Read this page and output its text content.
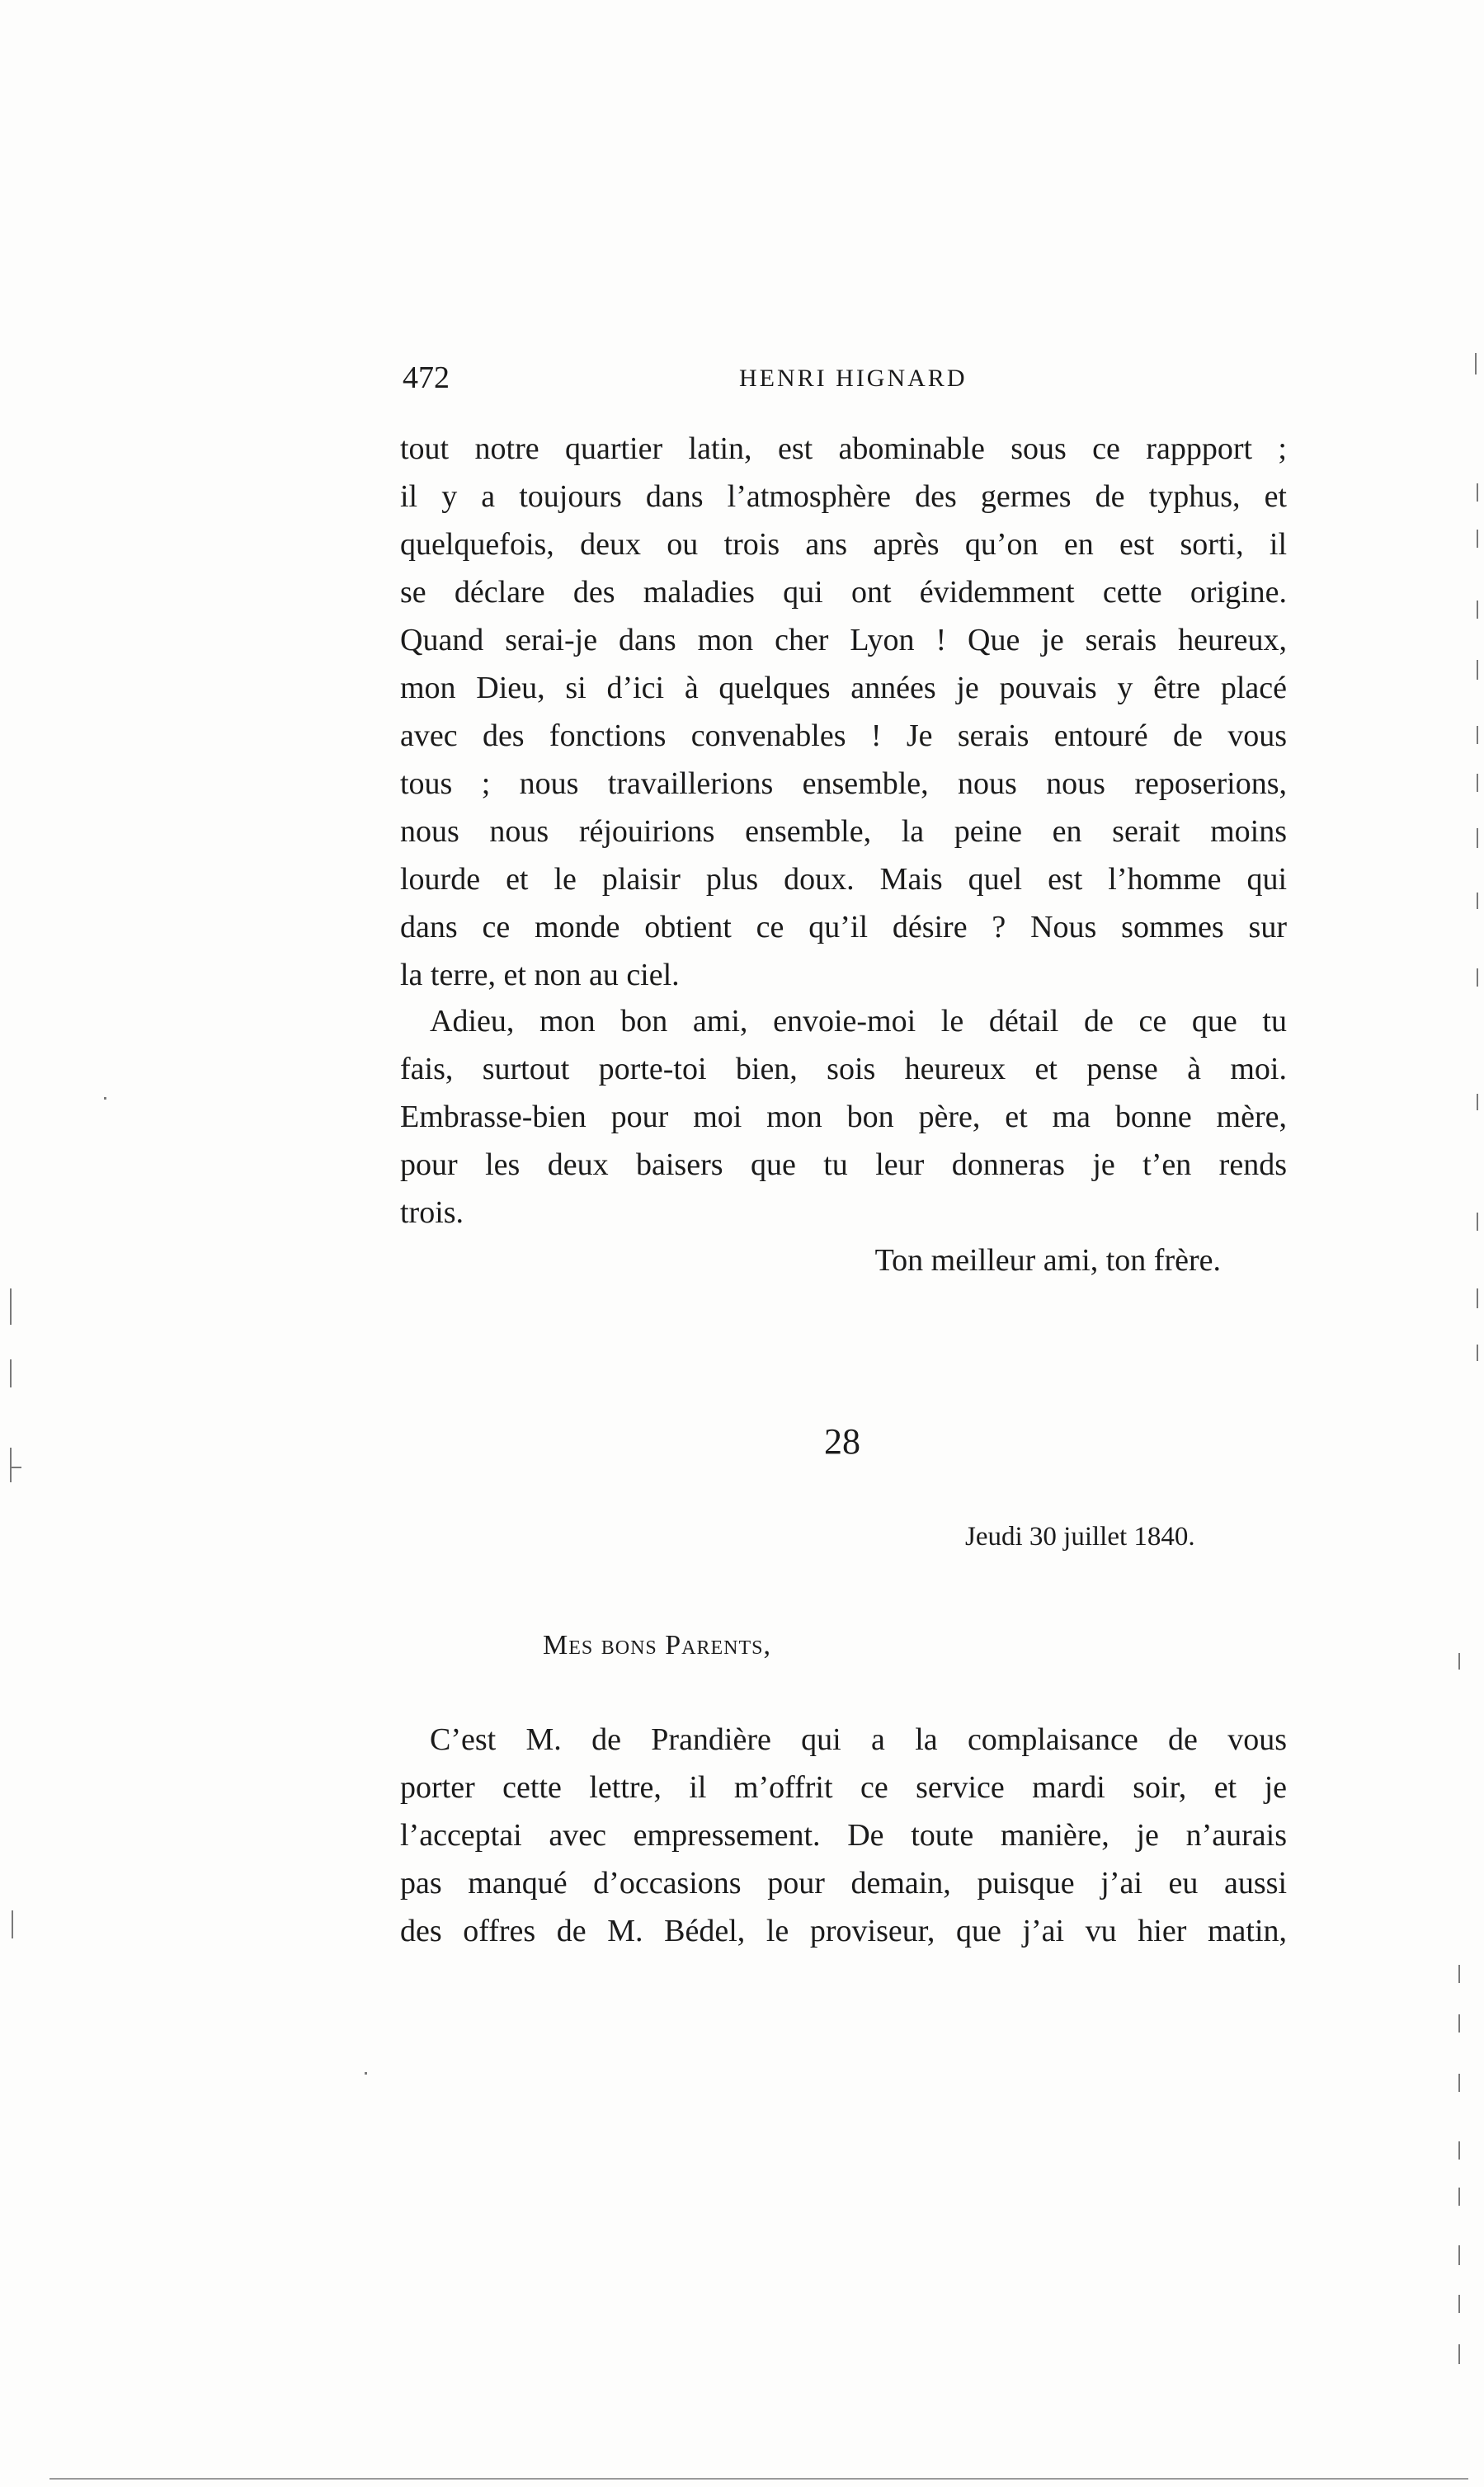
472	HENRI HIGNARD
tout notre quartier latin, est abominable sous ce rappport ;
il y a toujours dans l’atmosphère des germes de typhus, et
quelquefois, deux ou trois ans après qu’on en est sorti, il
se déclare des maladies qui ont évidemment cette origine.
Quand serai-je dans mon cher Lyon ! Que je serais heureux,
mon Dieu, si d’ici à quelques années je pouvais y être placé
avec des fonctions convenables ! Je serais entouré de vous
tous ; nous travaillerions ensemble, nous nous reposerions,
nous nous réjouirions ensemble, la peine en serait moins
lourde et le plaisir plus doux. Mais quel est l’homme qui
dans ce monde obtient ce qu’il désire ? Nous sommes sur
la terre, et non au ciel.
Adieu, mon bon ami, envoie-moi le détail de ce que tu
fais, surtout porte-toi bien, sois heureux et pense à moi.
Embrasse-bien pour moi mon bon père, et ma bonne mère,
pour les deux baisers que tu leur donneras je t’en rends
trois.
Ton meilleur ami, ton frère.
28
Jeudi 30 juillet 1840.
Mes bons Parents,
C’est M. de Prandière qui a la complaisance de vous
porter cette lettre, il m’offrit ce service mardi soir, et je
l’acceptai avec empressement. De toute manière, je n’aurais
pas manqué d’occasions pour demain, puisque j’ai eu aussi
des offres de M. Bédel, le proviseur, que j’ai vu hier matin,
